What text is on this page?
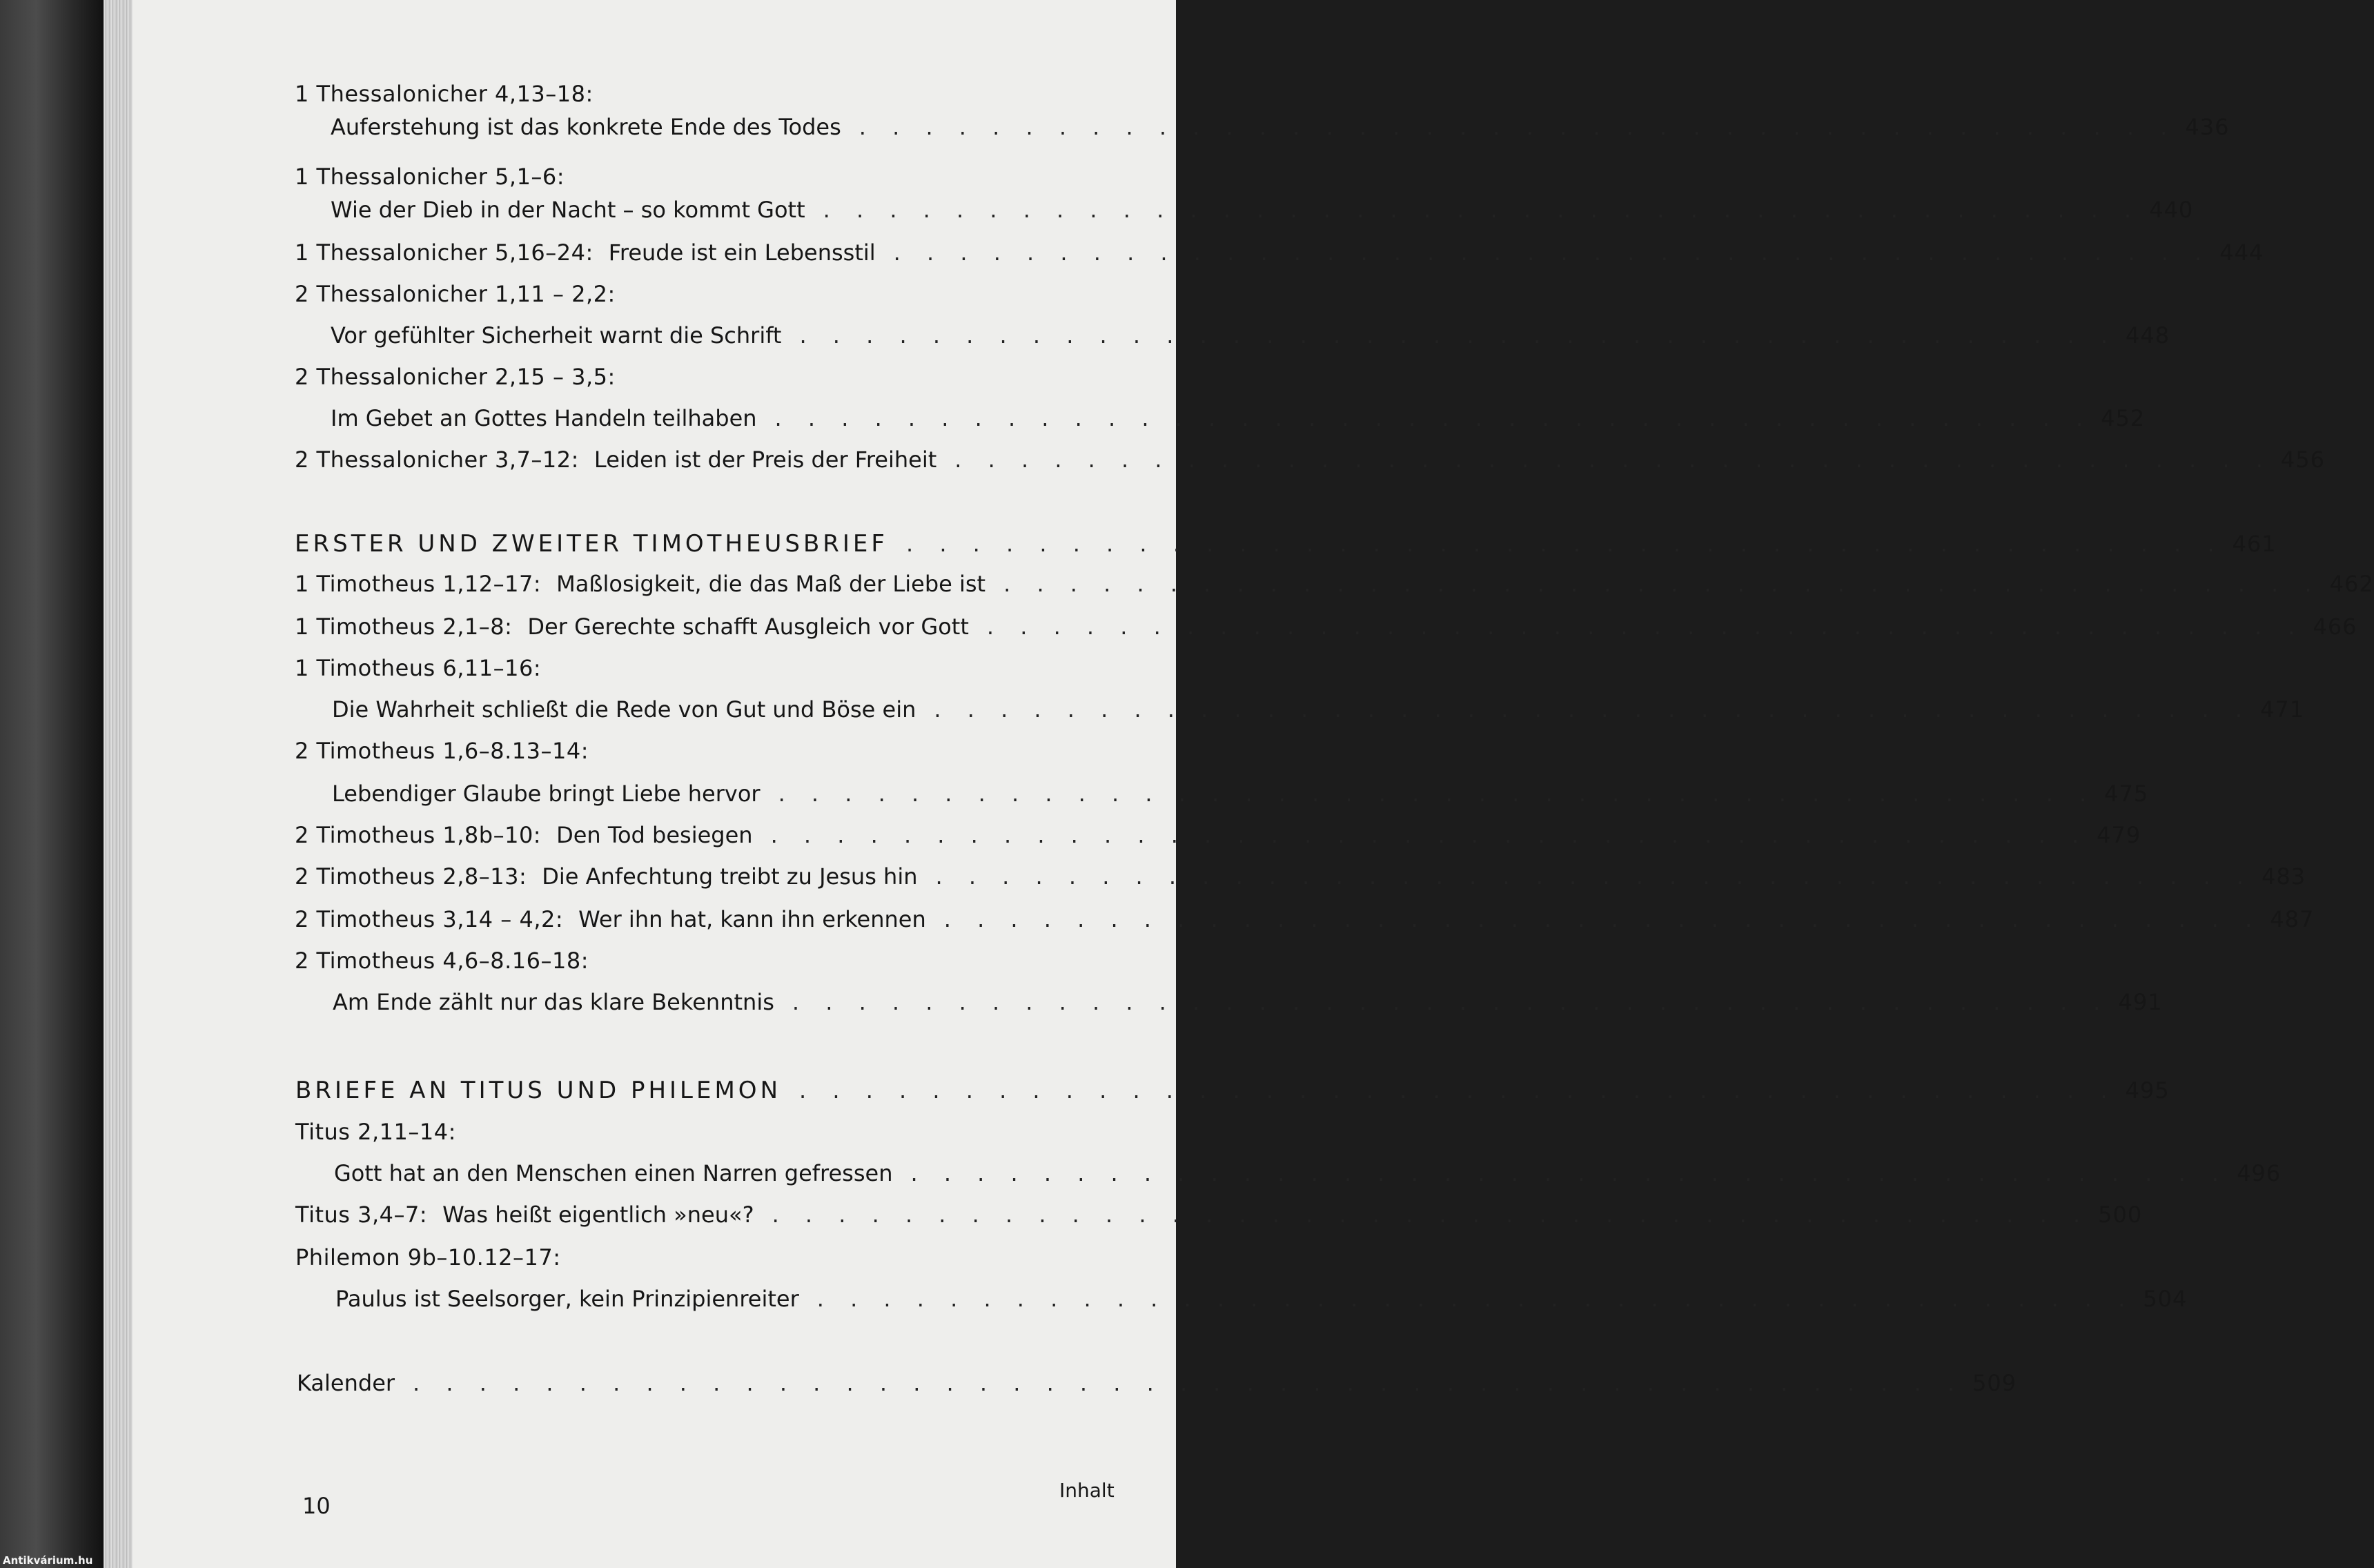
1 Thessalonicher 4,13–18:
Auferstehung ist das konkrete Ende des Todes . . . . . . . . . . . . . . . . . . . . . . . . . . . . . . . . . . . . . . . . 436
1 Thessalonicher 5,1–6:
Wie der Dieb in der Nacht – so kommt Gott . . . . . . . . . . . . . . . . . . . . . . . . . . . . . . . . . . . . . . . . 440
1 Thessalonicher 5,16–24: Freude ist ein Lebensstil . . . . . . . . . . . . . . . . . . . . . . . . . . . . . . . . . . . . . . . . 444
2 Thessalonicher 1,11 – 2,2:
Vor gefühlter Sicherheit warnt die Schrift . . . . . . . . . . . . . . . . . . . . . . . . . . . . . . . . . . . . . . . . 448
2 Thessalonicher 2,15 – 3,5:
Im Gebet an Gottes Handeln teilhaben . . . . . . . . . . . . . . . . . . . . . . . . . . . . . . . . . . . . . . . . 452
2 Thessalonicher 3,7–12: Leiden ist der Preis der Freiheit . . . . . . . . . . . . . . . . . . . . . . . . . . . . . . . . . . . . . . . . 456
ERSTER UND ZWEITER TIMOTHEUSBRIEF . . . . . . . . . . . . . . . . . . . . . . . . . . . . . . . . . . . . . . . . 461
1 Timotheus 1,12–17: Maßlosigkeit, die das Maß der Liebe ist . . . . . . . . . . . . . . . . . . . . . . . . . . . . . . . . . . . . . . . . 462
1 Timotheus 2,1–8: Der Gerechte schafft Ausgleich vor Gott . . . . . . . . . . . . . . . . . . . . . . . . . . . . . . . . . . . . . . . . 466
1 Timotheus 6,11–16:
Die Wahrheit schließt die Rede von Gut und Böse ein . . . . . . . . . . . . . . . . . . . . . . . . . . . . . . . . . . . . . . . . 471
2 Timotheus 1,6–8.13–14:
Lebendiger Glaube bringt Liebe hervor . . . . . . . . . . . . . . . . . . . . . . . . . . . . . . . . . . . . . . . . 475
2 Timotheus 1,8b–10: Den Tod besiegen . . . . . . . . . . . . . . . . . . . . . . . . . . . . . . . . . . . . . . . . 479
2 Timotheus 2,8–13: Die Anfechtung treibt zu Jesus hin . . . . . . . . . . . . . . . . . . . . . . . . . . . . . . . . . . . . . . . . 483
2 Timotheus 3,14 – 4,2: Wer ihn hat, kann ihn erkennen . . . . . . . . . . . . . . . . . . . . . . . . . . . . . . . . . . . . . . . . 487
2 Timotheus 4,6–8.16–18:
Am Ende zählt nur das klare Bekenntnis . . . . . . . . . . . . . . . . . . . . . . . . . . . . . . . . . . . . . . . . 491
BRIEFE AN TITUS UND PHILEMON . . . . . . . . . . . . . . . . . . . . . . . . . . . . . . . . . . . . . . . . 495
Titus 2,11–14:
Gott hat an den Menschen einen Narren gefressen . . . . . . . . . . . . . . . . . . . . . . . . . . . . . . . . . . . . . . . . 496
Titus 3,4–7: Was heißt eigentlich »neu«? . . . . . . . . . . . . . . . . . . . . . . . . . . . . . . . . . . . . . . . . 500
Philemon 9b–10.12–17:
Paulus ist Seelsorger, kein Prinzipienreiter . . . . . . . . . . . . . . . . . . . . . . . . . . . . . . . . . . . . . . . . 504
Kalender . . . . . . . . . . . . . . . . . . . . . . . . . . . . . . . . . . . . . . . . . . . . . . . 509
10
Inhalt
Antikvárium.hu
